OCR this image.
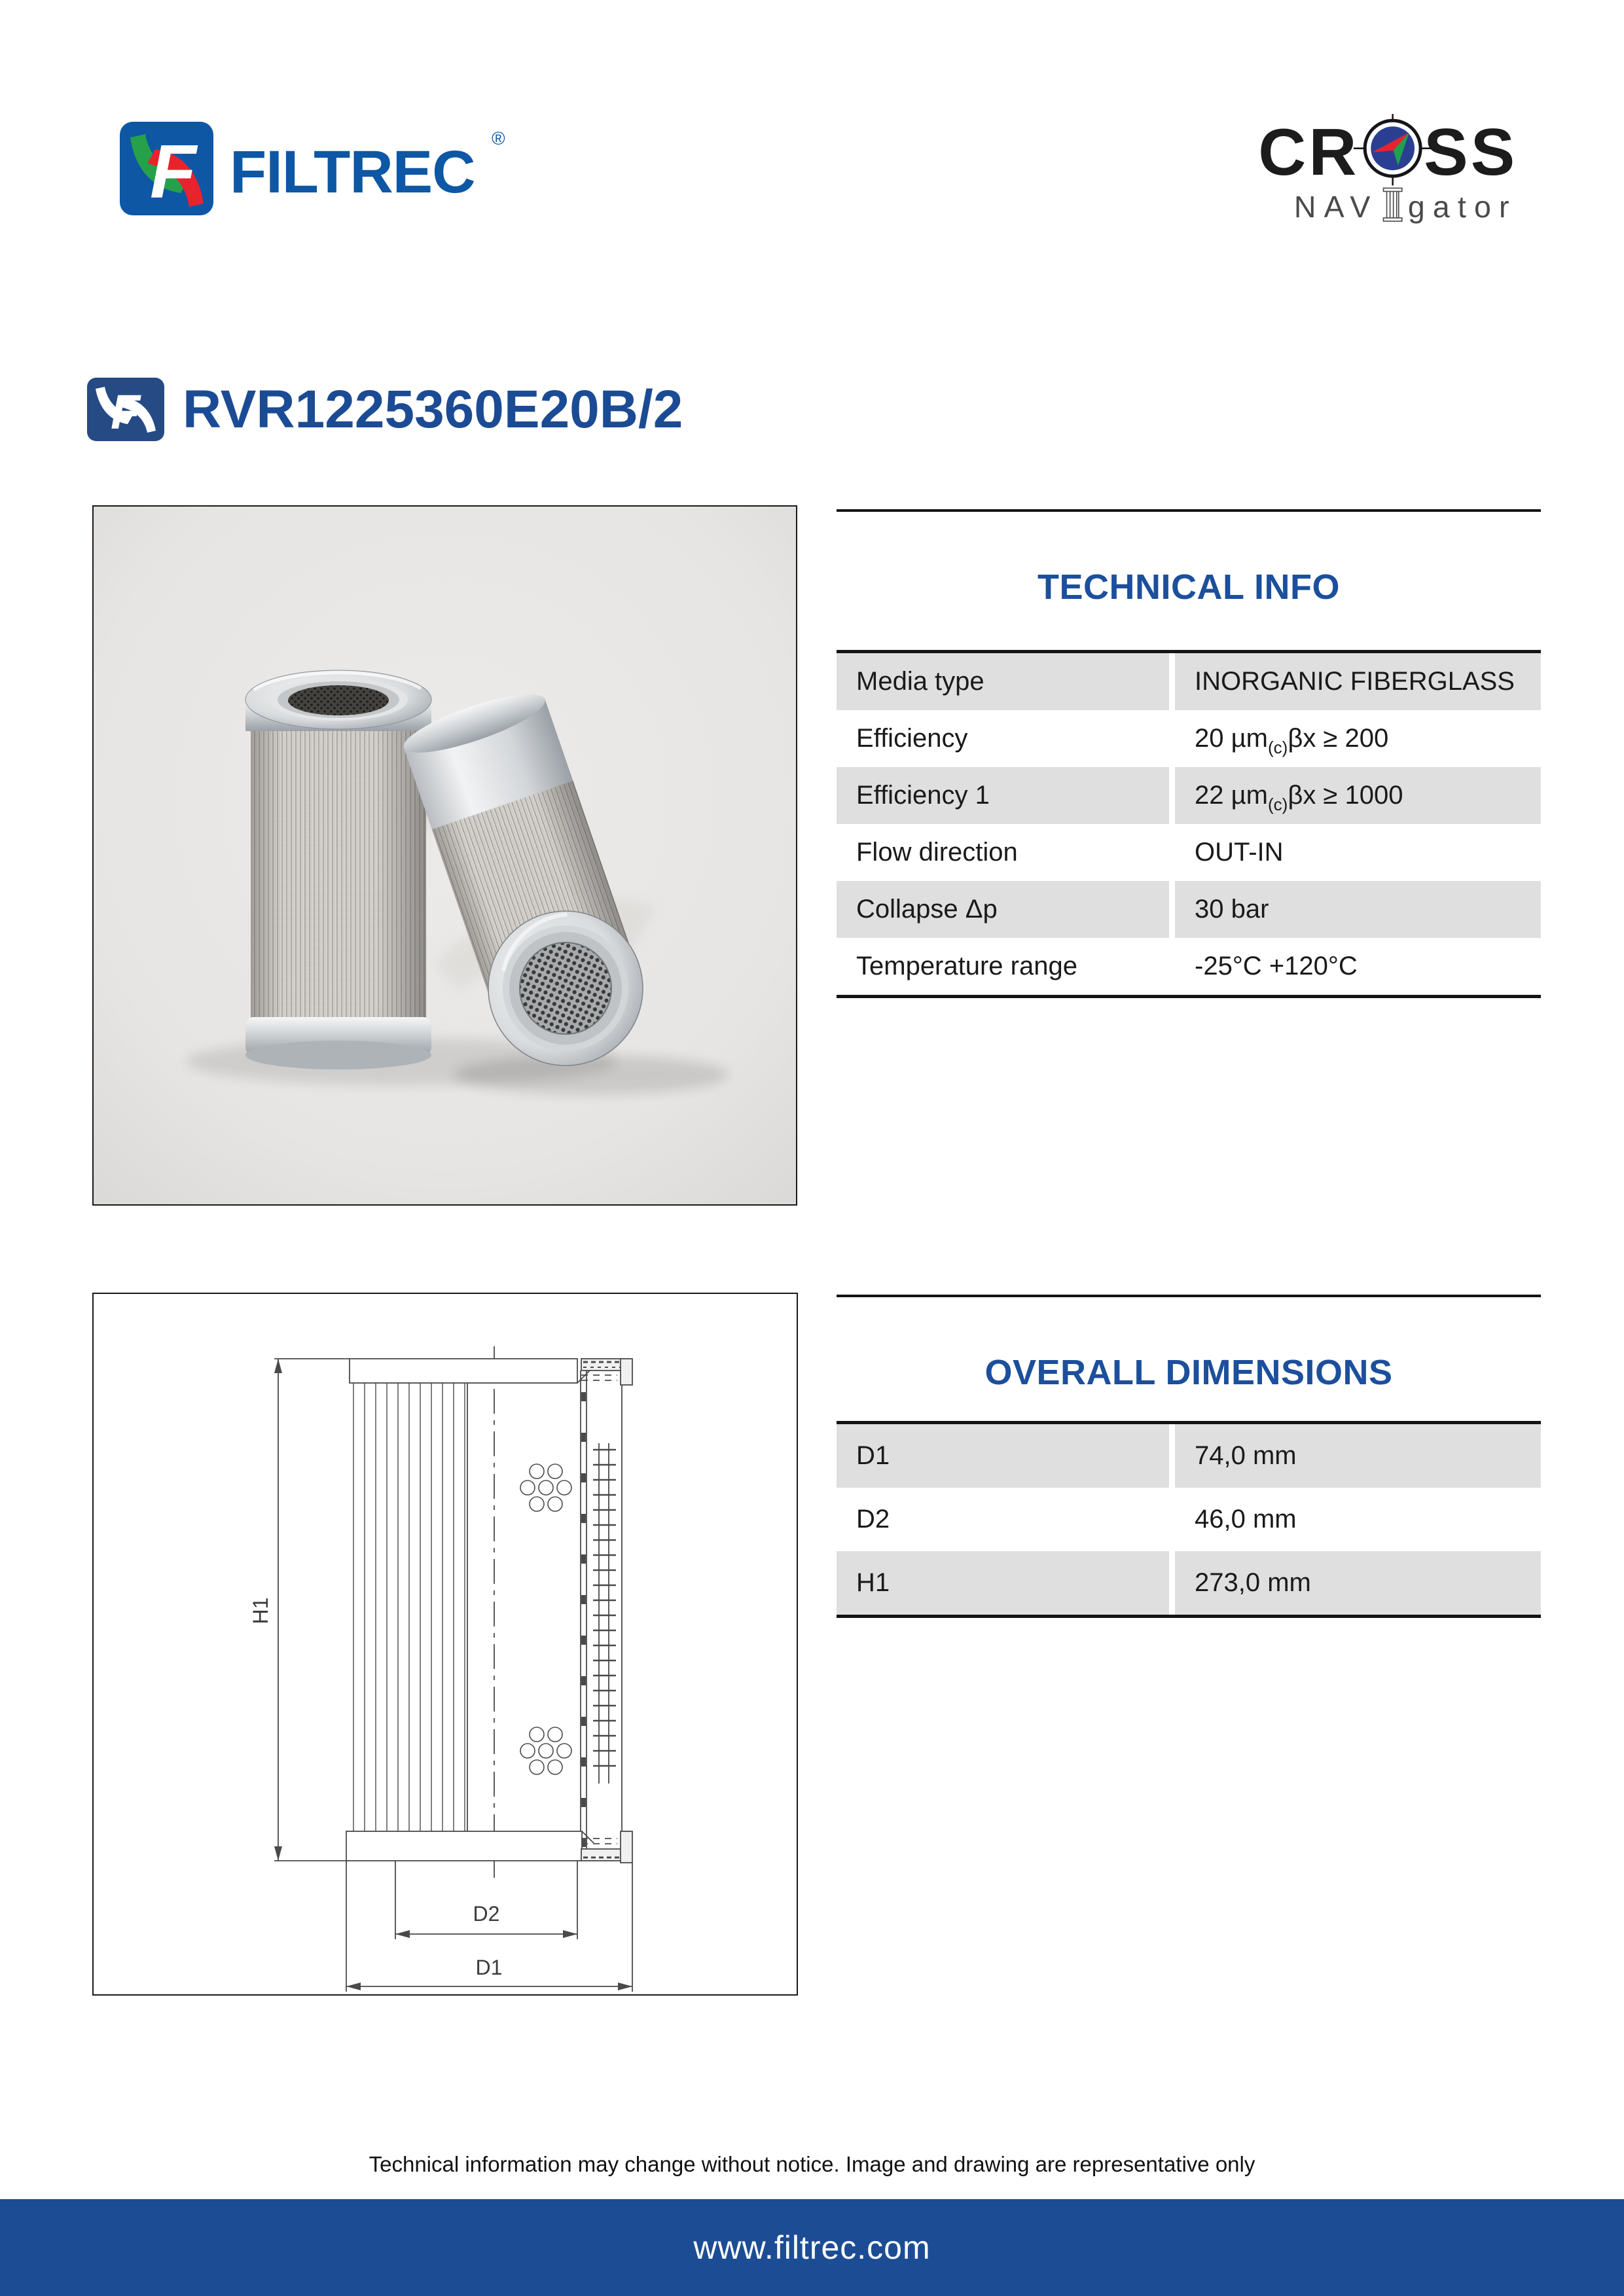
F FILTREC
®	CR SS
NAV gator
F RVR1225360E20B/2
TECHNICAL INFO
Media type	INORGANIC FIBERGLASS
Efficiency	20 µm (c) βx ≥ 200
Efficiency 1	22 µm (c) βx ≥ 1000
Flow direction	OUT-IN
Collapse Δp	30 bar
Temperature range	-25°C +120°C
H1
D2
D1
OVERALL DIMENSIONS
D1	74,0 mm
D2	46,0 mm
H1	273,0 mm
Technical information may change without notice. Image and drawing are representative only
www.filtrec.com
